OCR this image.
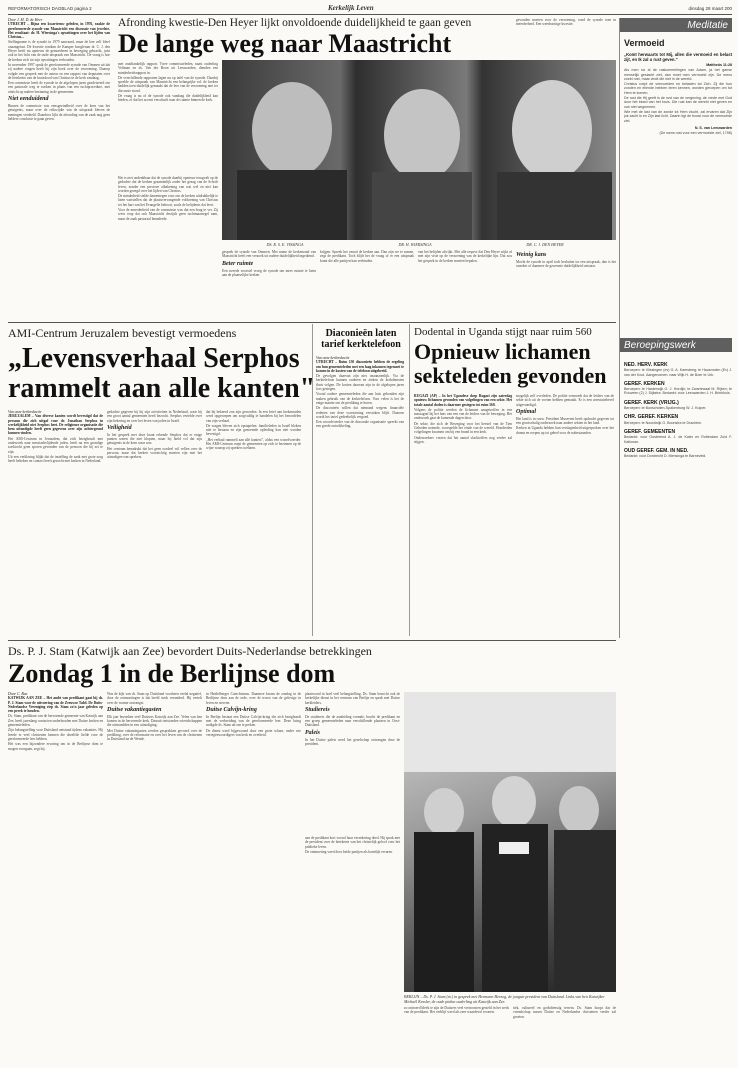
REFORMATORISCH DAGBLAD pagina 2	Kerkelijk Leven	dinsdag 28 maart 200
Door J. M. D. de Heer

UTRECHT – Bijna een kwarteeuw geleden, in 1976, raakte de gereformeerde synode van Maastricht een discussie van jewelste. Het resultaat: dr. H. Wiersinga's opvattingen over het lijden van Christus...

Stellingname is de synode in 1979 aanvaard, maar de leer zelf bleef onaangetast. De kwestie rondom de Kamper hoogleraar dr. C. J. den Heyer heeft nu opnieuw de gemoederen in beweging gebracht, juist ook in het licht van de oude uitspraak van Maastricht. De vraag is hoe de kerken zich tot zijn opvattingen verhouden.

In november 1997 sprak de gereformeerde synode van Ommen uit dat zij nadere vragen heeft bij zijn boek over de verzoening. Daarop volgde een gesprek met de auteur en een rapport van deputaten over de betekenis van de kruisdood van Christus in de kerk vandaag.

Een commissie heeft de synode in de afgelopen jaren geadviseerd om een pastorale weg te zoeken in plaats van een tuchtprocedure, met uitzicht op nadere bezinning in de gemeenten.

Niet eenduidend

Binnen de commissie was eensgezindheid over de kern van het getuigenis, maar over de reikwijdte van de uitspraak bleven de meningen verdeeld. Daardoor lijkt de afronding van de zaak nog geen heldere conclusie te gaan geven.

Afronding kwestie-Den Heyer lijkt onvoldoende duidelijkheid te gaan geven
De lange weg naar Maastricht

met onafhankelijk rapport. Twee commissieleden, naast ouderling Veltman en ds. Van der Boon uit Leeuwarden, dienden een minderheidsrapport in.

De verschillende rapporten lagen nu op tafel van de synode. Daarbij speelde de uitspraak van Maastricht een belangrijke rol: de kerken hadden toen duidelijk gemaakt dat de leer van de verzoening niet ter discussie stond.

De vraag is nu of de synode ook vandaag die duidelijkheid kan bieden, of dat het accent verschuift naar de ruimte binnen de kerk.

Het is niet ondenkbaar dat de synode daarbij opnieuw terugvalt op de gedachte dat de kerken gezamenlijk onder het gezag van de Schrift leven, zonder een precieze afbakening van wat wel en niet kan worden gezegd over het lijden van Christus.

De minderheid stelde daarentegen voor om de kerken uitdrukkelijk te laten vaststellen dat de plaatsvervangende voldoening van Christus tot het hart van het Evangelie behoort, zoals de belijdenis dat leert.

Voor de meerderheid van de commissie was dat een brug te ver. Zij wees erop dat ook Maastricht destijds geen tuchtmaatregel nam, maar de zaak pastoraal benaderde.

DS. R. S. E. VISSINGA	DR. H. WIERSINGA	DR. C. J. DEN HEYER

gesprek de synode van Ommen. Met name de kerkenraad van Maastricht heeft een verzoek tot nadere duidelijkheid ingediend.

Beter ruimte

Een tweede voorstel vroeg de synode om meer ruimte te laten aan de plaatselijke kerken.

krijgen. Spreek het vanuit de kerken aan. Dan zijn we er samen, zegt de predikant. Toch blijft het de vraag of er een uitspraak komt die alle partijen kan verbinden.

van het belijden afwijkt. Met alle respect dat Den Heyer wijkt af met zijn visie op de verzoening van de kerkelijke lijn. Dat zou het gesprek in de kerken moeten bepalen.

Weinig kans

Mocht de synode in april toch besluiten tot een uitspraak, dan is het onzeker of daarmee de gewenste duidelijkheid ontstaat.

gevonden moeten voor de verzoening, vond de synode toen in meerderheid. Een weerbarstige kwestie.

AMI-Centrum Jeruzalem bevestigt vermoedens
„Levensverhaal Serphos
rammelt aan alle kanten"
Van onze kerkredactie

JERUZALEM – Van diverse kanten wordt bevestigd dat de persoon die zich uitgaf voor dr. Jonathan Serphos in werkelijkheid niet Serphos heet. De religieuze organisatie die hem uitnodigde heeft geen gegevens over zijn achtergrond kunnen vinden.

Het AMI-Centrum in Jeruzalem, dat zich bezighoudt met onderzoek naar messiasbelijdende joden, heeft na een grondige zoektocht geen sporen gevonden van de persoon die hij zei te zijn.

Uit een verklaring blijkt dat de instelling de zaak met grote zorg heeft bekeken en contact heeft gezocht met kerken in Nederland.

gedachte gegeven bij hij zijn activiteiten in Nederland, waar hij een groot aantal gemeenten heeft bezocht. Serphos vertelde over zijn bekering en over het leven van joden in Israël.

Veiligheid

In het gesprek met deze krant erkende Serphos dat er enige punten waren die niet klopten, maar hij hield vol dat zijn getuigenis in de kern waar was.

Het centrum benadrukt dat het geen oordeel wil vellen over de persoon, maar dat kerken voorzichtig moeten zijn met het uitnodigen van sprekers.

dat hij bekeerd zou zijn geworden. In een brief aan kerkenraden werd opgeroepen om zorgvuldig te handelen bij het beoordelen van zijn verhaal.

De vragen bleven zich opstapelen: familieleden in Israël bleken niet te bestaan en zijn genoemde opleiding kon niet worden bevestigd.

„Het verhaal rammelt aan alle kanten\", aldus een woordvoerder. Het AMI-Centrum roept de gemeenten op zich te bezinnen op de wijze waarop zij sprekers toelaten.

Diaconieën laten tarief kerktelefoon
Van onze kerkredactie

UTRECHT – Ruim 150 diaconieën hebben de regeling om hun gemeenteleden met een laag inkomen tegemoet te komen in de kosten van de telefoon uitgebreid.

De gevolgen daarvan zijn niet onaanzienlijk. Via de kerktelefoon kunnen ouderen en zieken de kerkdiensten thuis volgen. De kosten daarvan zijn in de afgelopen jaren fors gestegen.

Vooral oudere gemeenteleden die aan huis gebonden zijn maken gebruik van de kerktelefoon. Voor velen is het de enige manier om de prediking te horen.

De diaconieën willen dat niemand wegens financiële redenen van deze voorziening verstoken blijft. Daarom wordt het tarief gedeeltelijk vergoed.

Een woordvoerder van de diaconale organisatie spreekt van een goede ontwikkeling.

Dodental in Uganda stijgt naar ruim 560
Opnieuw lichamen
sekteleden gevonden

RUGAZI (AP) – In het Ugandese dorp Rugazi zijn zaterdag opnieuw lichamen gevonden van volgelingen van een sekte. Het totale aantal doden is daarmee gestegen tot ruim 560.

Volgens de politie werden de lichamen aangetroffen in een massagraf bij het huis van een van de leiders van de beweging. Het onderzoek gaat de komende dagen door.

De sekte, die zich de Beweging voor het herstel van de Tien Geboden noemde, voorspelde het einde van de wereld. Honderden volgelingen kwamen om bij een brand in een kerk.

Onderzoekers vrezen dat het aantal slachtoffers nog verder zal stijgen.

mogelijk zelf overleden. De politie vermoedt dat de leiders van de sekte zich uit de voeten hebben gemaakt. Er is een arrestatiebevel uitgevaardigd.

Optimal

Het land is in rouw. President Museveni heeft opdracht gegeven tot een grootschalig onderzoek naar andere sekten in het land.

Kerken in Uganda hebben hun verslagenheid uitgesproken over het drama en roepen op tot gebed voor de nabestaanden.

Ds. P. J. Stam (Katwijk aan Zee) bevordert Duits-Nederlandse betrekkingen
Zondag 1 in de Berlijnse dom
Door C. Bax

KATWIJK AAN ZEE – Het ambt van predikant gaat bij ds. P. J. Stam voor de uitvoering van de Zeeuwse Tafel. De Duits-Nederlandse Vereniging riep ds. Stam zo'n jaar geleden op een preek te houden.

Ds. Stam, predikant van de hervormde gemeente van Katwijk aan Zee, heeft jarenlang contacten onderhouden met Duitse kerken en gemeenteleden.

Zijn belangstelling voor Duitsland ontstond tijdens vakanties. Hij leerde er veel christenen kennen die dezelfde liefde voor de gereformeerde leer hebben.

Het was een bijzondere ervaring om in de Berlijnse dom te mogen voorgaan, zegt hij.

Was de kijk van ds. Stam op Duitsland voorheen veelal negatief, door de ontmoetingen is dat beeld sterk veranderd. Hij vertelt over de warme ontvangst.

Duitse vakantiegasten

Elk jaar bezoeken veel Duitsers Katwijk aan Zee. Velen van hen komen in de hervormde kerk. Daaruit ontstonden vriendschappen die uitmondden in een uitnodiging.

Met Duitse vakantiegasten werden gesprekken gevoerd over de prediking, over de reformatie en over het leven van de christenen in Duitsland na de Wende.

in Heidelberger Catechismus. Daarmee kwam de zondag in de Berlijnse dom aan de orde, over de troost van de gelovige in leven en sterven.

Duitse Calvijn-kring

In Berlijn bestaat een Duitse Calvijn-kring die zich bezighoudt met de verbreiding van de gereformeerde leer. Deze kring nodigde ds. Stam uit om te preken.

De dienst werd bijgewoond door een grote schare, onder wie vertegenwoordigers van kerk en overheid.

plaatsvond in hoel veel belangstelling. Ds. Stam bezocht ook de kerkelijke dienst in het centrum van Berlijn en sprak met Duitse kerkleiders.

Studiereis

De studiereis die de aanleiding vormde, bracht de predikant en een groep gemeenteleden naar verschillende plaatsen in Oost-Duitsland.

Paleis

In het Duitse paleis werd het gezelschap ontvangen door de president.

BERLIJN – Ds. P. J. Stam (m.) in gesprek met Hermann Herzog, de jongste president van Duitsland. Links van hen Katwijker Michaël Kessler, de oude pinkse ouderling uit Katwijk aan Zee.

aan de predikant kort vooraf haar verzekering deed. Hij sprak met de president over de betekenis van het christelijk geloof voor het publieke leven.

De ontmoeting werd door beide partijen als hartelijk ervaren.

zo ontroerd bleek te zijn de Duitsers veel vertrouwen gesteld in het werk van de predikant. Het verblijf werd als zeer waardevol ervaren.

tiek, cultureel en godsdienstig terrein. Ds. Stam hoopt dat de vriendschap tussen Duitse en Nederlandse christenen verder zal groeien.

Meditatie
Vermoeid

„Komt herwaarts tot Mij, allen die vermoeid en belast zijt, en Ik zal u rust geven."

Mattheüs 11:28

Als men na al de raskommelingen van Adam, ja het ganse menselijk geslacht ziet, dan moet men vermoeid zijn. De mens zoekt rust, maar vindt die niet in de wereld.

Christus roept de vermoeiden en belasten tot Zich. Zij die hun zonden en ellende hebben leren kennen, worden geroepen om tot Hem te komen.

De rust die Hij geeft is de rust van de vergeving, de vrede met God door het bloed van het kruis. Die rust kan de wereld niet geven en ook niet wegnemen.

Wie met de last van de zonde tot Hem vlucht, zal ervaren dat Zijn juk zacht is en Zijn last licht. Daarin ligt de troost voor de vermoeide ziel.

N. S. van Leeuwarden

(De wens rust voor een vermoeide ziel, 1798)

Beroepingswerk
NED. HERV. KERK

Beroepen: te Vlissingen (ev) G. A. Kamsteeg; te Hausmolen (Ev) J. van der Kooi. Aangenomen: naar Wijk H. de Boer te Urk.

GEREF. KERKEN

Beroepen: te Harderwijk G. J. Hordijk; te Zwartewaal M. Rijken; te Rouveen (2) J. Dijkstra. Bedankt: voor Leeuwarden J. H. Brinkhuis.

GEREF. KERK (VRIJG.)

Beroepen: te Bunschoten-Spakenburg W. J. Kuiper.

CHR. GEREF. KERKEN

Beroepen: te Noordwijk G. Boonstra te Drachten.

GEREF. GEMEENTEN

Bedankt: voor Oosterend A. J. de Kater en Rotterdam Zuid F. Kalkman.

OUD GEREF. GEM. IN NED.

Bedankt: voor Dordrecht D. Mensinga te Barneveld.
